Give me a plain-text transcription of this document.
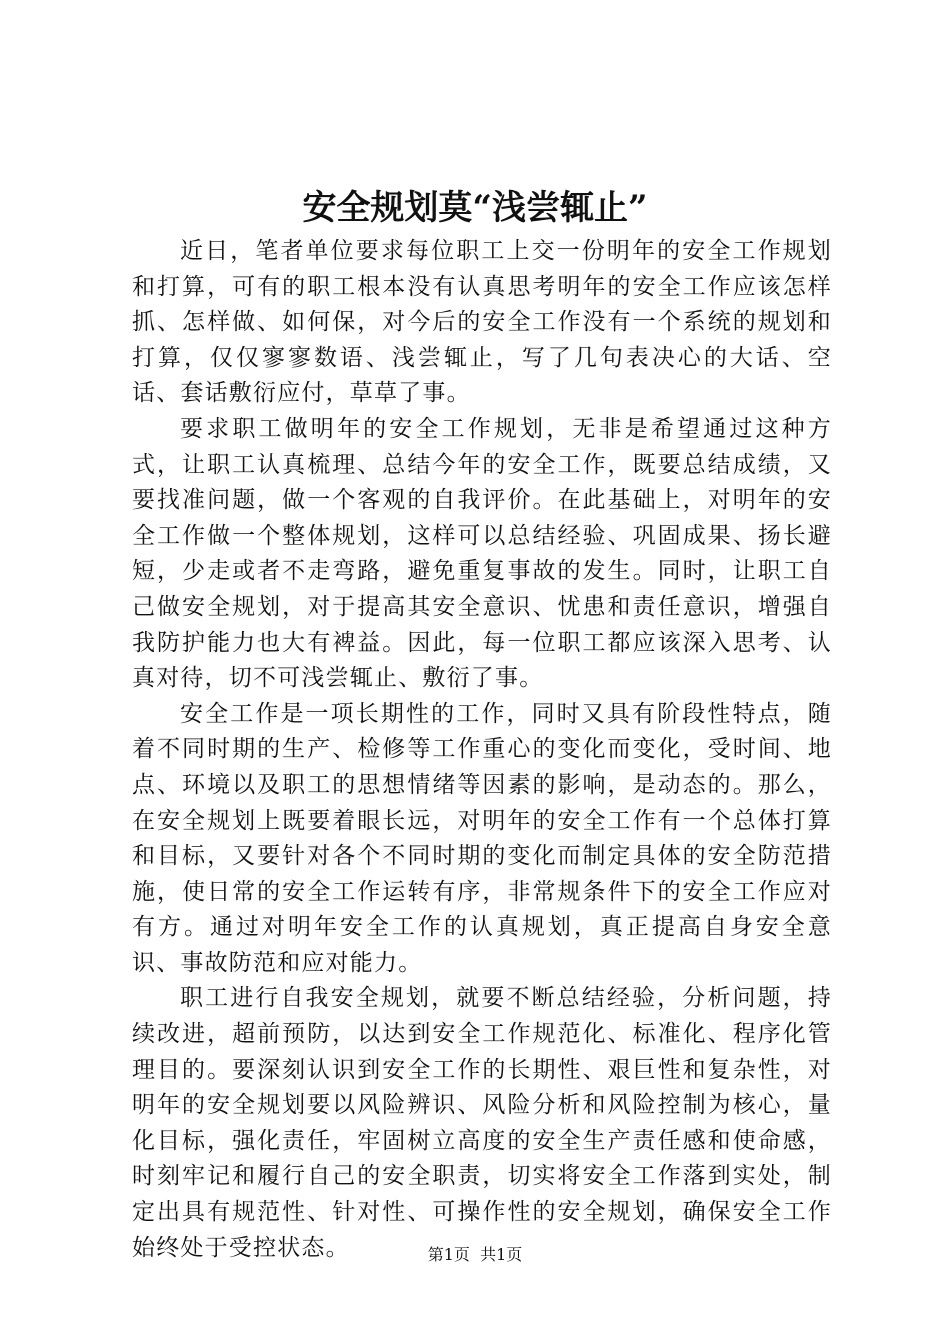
安全规划莫“浅尝辄止”

近日，笔者单位要求每位职工上交一份明年的安全工作规划和打算，可有的职工根本没有认真思考明年的安全工作应该怎样抓、怎样做、如何保，对今后的安全工作没有一个系统的规划和打算，仅仅寥寥数语、浅尝辄止，写了几句表决心的大话、空话、套话敷衍应付，草草了事。

要求职工做明年的安全工作规划，无非是希望通过这种方式，让职工认真梳理、总结今年的安全工作，既要总结成绩，又要找准问题，做一个客观的自我评价。在此基础上，对明年的安全工作做一个整体规划，这样可以总结经验、巩固成果、扬长避短，少走或者不走弯路，避免重复事故的发生。同时，让职工自己做安全规划，对于提高其安全意识、忧患和责任意识，增强自我防护能力也大有裨益。因此，每一位职工都应该深入思考、认真对待，切不可浅尝辄止、敷衍了事。

安全工作是一项长期性的工作，同时又具有阶段性特点，随着不同时期的生产、检修等工作重心的变化而变化，受时间、地点、环境以及职工的思想情绪等因素的影响，是动态的。那么，在安全规划上既要着眼长远，对明年的安全工作有一个总体打算和目标，又要针对各个不同时期的变化而制定具体的安全防范措施，使日常的安全工作运转有序，非常规条件下的安全工作应对有方。通过对明年安全工作的认真规划，真正提高自身安全意识、事故防范和应对能力。

职工进行自我安全规划，就要不断总结经验，分析问题，持续改进，超前预防，以达到安全工作规范化、标准化、程序化管理目的。要深刻认识到安全工作的长期性、艰巨性和复杂性，对明年的安全规划要以风险辨识、风险分析和风险控制为核心，量化目标，强化责任，牢固树立高度的安全生产责任感和使命感，时刻牢记和履行自己的安全职责，切实将安全工作落到实处，制定出具有规范性、针对性、可操作性的安全规划，确保安全工作始终处于受控状态。	第1页 共1页
